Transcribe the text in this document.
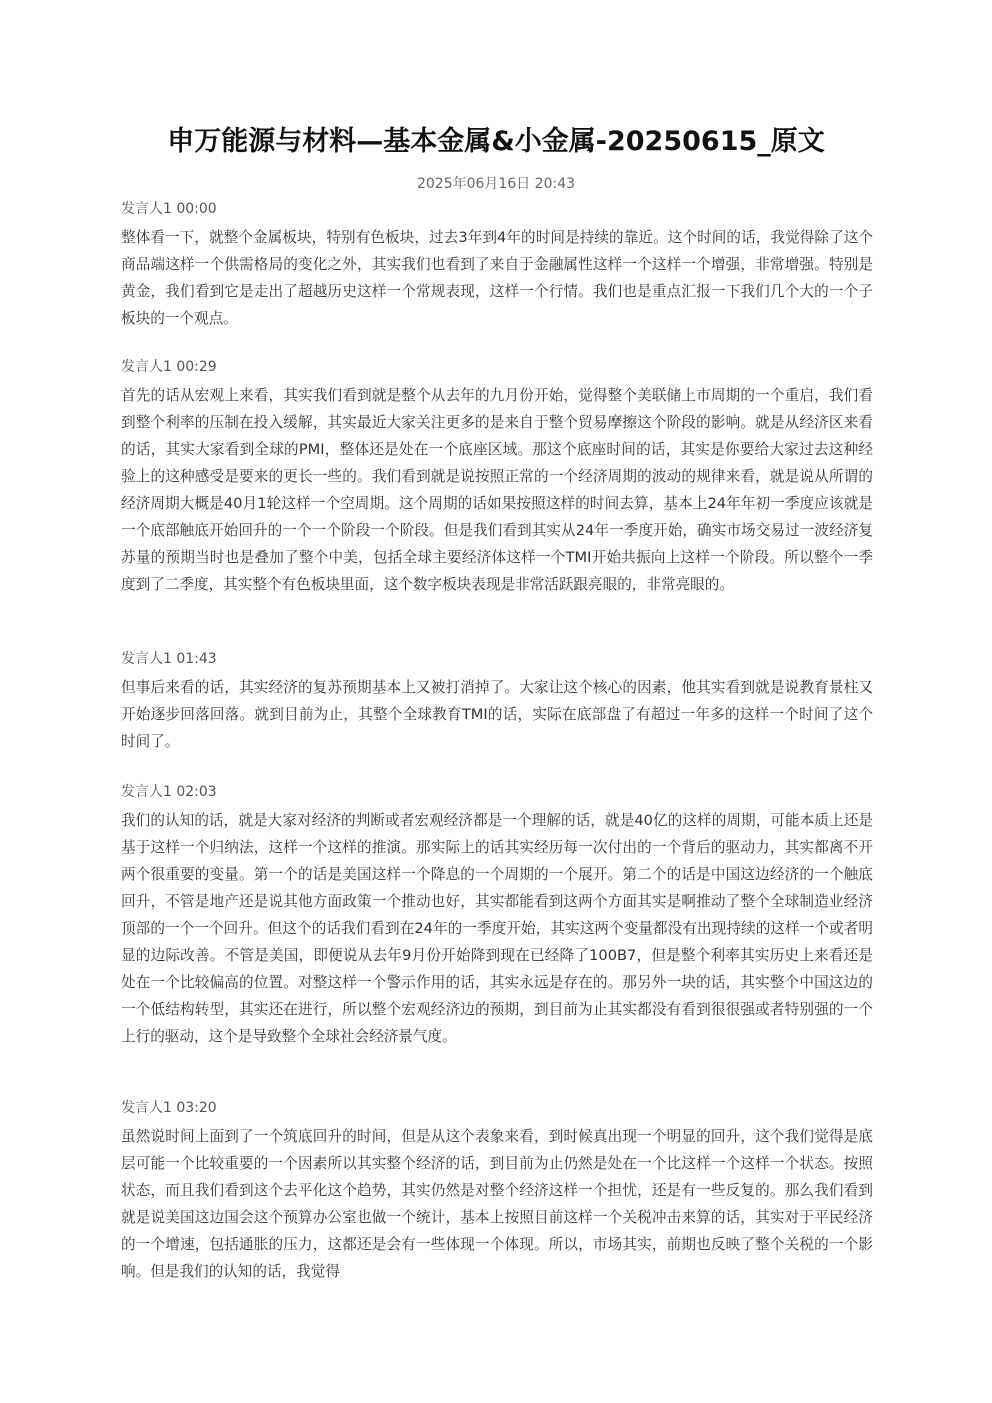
申万能源与材料—基本金属&小金属-20250615_原文
2025年06月16日 20:43

发言人1 00:00

整体看一下，就整个金属板块，特别有色板块，过去3年到4年的时间是持续的靠近。这个时间的话，我觉得除了这个商品端这样一个供需格局的变化之外，其实我们也看到了来自于金融属性这样一个这样一个增强，非常增强。特别是黄金，我们看到它是走出了超越历史这样一个常规表现，这样一个行情。我们也是重点汇报一下我们几个大的一个子板块的一个观点。

发言人1 00:29

首先的话从宏观上来看，其实我们看到就是整个从去年的九月份开始，觉得整个美联储上市周期的一个重启，我们看到整个利率的压制在投入缓解，其实最近大家关注更多的是来自于整个贸易摩擦这个阶段的影响。就是从经济区来看的话，其实大家看到全球的PMI，整体还是处在一个底座区域。那这个底座时间的话，其实是你要给大家过去这种经验上的这种感受是要来的更长一些的。我们看到就是说按照正常的一个经济周期的波动的规律来看，就是说从所谓的经济周期大概是40月1轮这样一个空周期。这个周期的话如果按照这样的时间去算，基本上24年年初一季度应该就是一个底部触底开始回升的一个一个阶段一个阶段。但是我们看到其实从24年一季度开始，确实市场交易过一波经济复苏量的预期当时也是叠加了整个中美，包括全球主要经济体这样一个TMI开始共振向上这样一个阶段。所以整个一季度到了二季度，其实整个有色板块里面，这个数字板块表现是非常活跃跟亮眼的，非常亮眼的。

发言人1 01:43

但事后来看的话，其实经济的复苏预期基本上又被打消掉了。大家让这个核心的因素，他其实看到就是说教育景柱又开始逐步回落回落。就到目前为止，其整个全球教育TMI的话，实际在底部盘了有超过一年多的这样一个时间了这个时间了。

发言人1 02:03

我们的认知的话，就是大家对经济的判断或者宏观经济都是一个理解的话，就是40亿的这样的周期，可能本质上还是基于这样一个归纳法，这样一个这样的推演。那实际上的话其实经历每一次付出的一个背后的驱动力，其实都离不开两个很重要的变量。第一个的话是美国这样一个降息的一个周期的一个展开。第二个的话是中国这边经济的一个触底回升，不管是地产还是说其他方面政策一个推动也好，其实都能看到这两个方面其实是啊推动了整个全球制造业经济顶部的一个一个回升。但这个的话我们看到在24年的一季度开始，其实这两个变量都没有出现持续的这样一个或者明显的边际改善。不管是美国，即便说从去年9月份开始降到现在已经降了100B7，但是整个利率其实历史上来看还是处在一个比较偏高的位置。对整这样一个警示作用的话，其实永远是存在的。那另外一块的话，其实整个中国这边的一个低结构转型，其实还在进行，所以整个宏观经济边的预期，到目前为止其实都没有看到很很强或者特别强的一个上行的驱动，这个是导致整个全球社会经济景气度。

发言人1 03:20

虽然说时间上面到了一个筑底回升的时间，但是从这个表象来看，到时候真出现一个明显的回升，这个我们觉得是底层可能一个比较重要的一个因素所以其实整个经济的话，到目前为止仍然是处在一个比这样一个这样一个状态。按照状态，而且我们看到这个去平化这个趋势，其实仍然是对整个经济这样一个担忧，还是有一些反复的。那么我们看到就是说美国这边国会这个预算办公室也做一个统计，基本上按照目前这样一个关税冲击来算的话，其实对于平民经济的一个增速，包括通胀的压力，这都还是会有一些体现一个体现。所以，市场其实，前期也反映了整个关税的一个影响。但是我们的认知的话，我觉得
